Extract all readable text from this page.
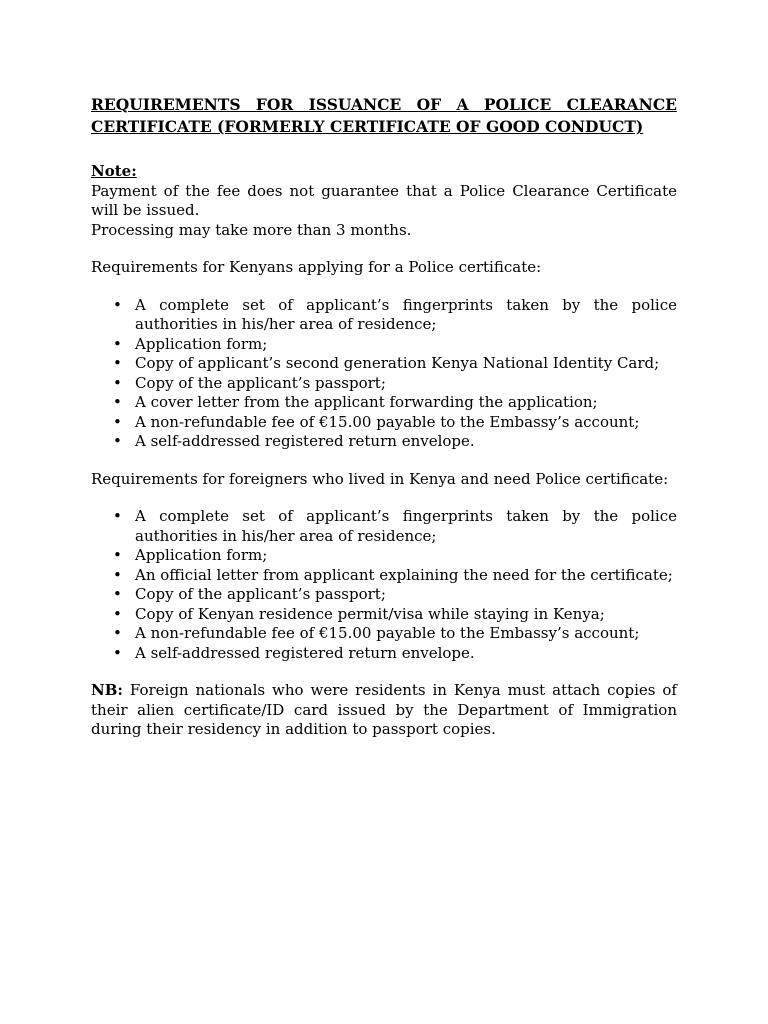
REQUIREMENTS FOR ISSUANCE OF A POLICE CLEARANCE
CERTIFICATE (FORMERLY CERTIFICATE OF GOOD CONDUCT)
Note:

Payment of the fee does not guarantee that a Police Clearance Certificate will be issued.

Processing may take more than 3 months.

Requirements for Kenyans applying for a Police certificate:

• A complete set of applicant’s fingerprints taken by the police authorities in his/her area of residence;
• Application form;
• Copy of applicant’s second generation Kenya National Identity Card;
• Copy of the applicant’s passport;
• A cover letter from the applicant forwarding the application;
• A non-refundable fee of €15.00 payable to the Embassy’s account;
• A self-addressed registered return envelope.

Requirements for foreigners who lived in Kenya and need Police certificate:

• A complete set of applicant’s fingerprints taken by the police authorities in his/her area of residence;
• Application form;
• An official letter from applicant explaining the need for the certificate;
• Copy of the applicant’s passport;
• Copy of Kenyan residence permit/visa while staying in Kenya;
• A non-refundable fee of €15.00 payable to the Embassy’s account;
• A self-addressed registered return envelope.

NB: Foreign nationals who were residents in Kenya must attach copies of their alien certificate/ID card issued by the Department of Immigration during their residency in addition to passport copies.
